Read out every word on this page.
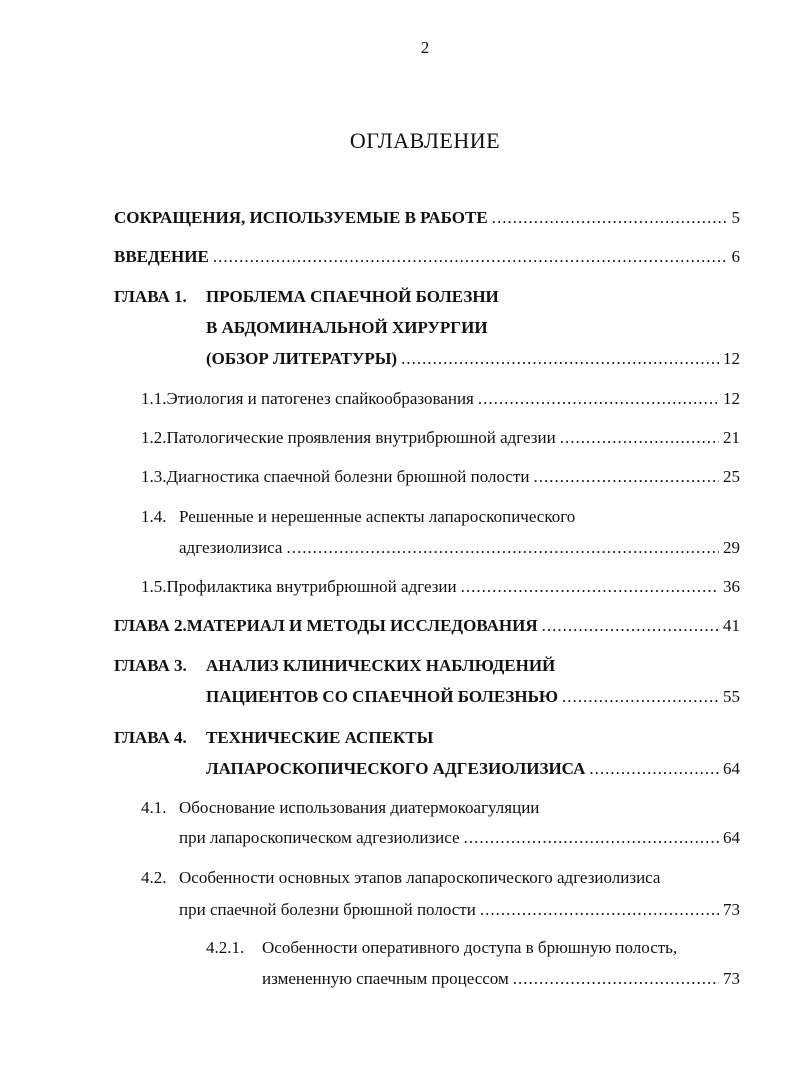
2
ОГЛАВЛЕНИЕ
СОКРАЩЕНИЯ, ИСПОЛЬЗУЕМЫЕ В РАБОТЕ .....	5
ВВЕДЕНИЕ .....	6
ГЛАВА 1.	ПРОБЛЕМА СПАЕЧНОЙ БОЛЕЗНИ
В АБДОМИНАЛЬНОЙ ХИРУРГИИ
(ОБЗОР ЛИТЕРАТУРЫ) .....	12
1.1. Этиология и патогенез спайкообразования .....	12
1.2. Патологические проявления внутрибрюшной адгезии .....	21
1.3. Диагностика спаечной болезни брюшной полости .....	25
1.4. Решенные и нерешенные аспекты лапароскопического
адгезиолизиса .....	29
1.5. Профилактика внутрибрюшной адгезии .....	36
ГЛАВА 2. МАТЕРИАЛ И МЕТОДЫ ИССЛЕДОВАНИЯ .....	41
ГЛАВА 3.	АНАЛИЗ КЛИНИЧЕСКИХ НАБЛЮДЕНИЙ
ПАЦИЕНТОВ СО СПАЕЧНОЙ БОЛЕЗНЬЮ .....	55
ГЛАВА 4.	ТЕХНИЧЕСКИЕ АСПЕКТЫ
ЛАПАРОСКОПИЧЕСКОГО АДГЕЗИОЛИЗИСА .....	64
4.1. Обоснование использования диатермокоагуляции
при лапароскопическом адгезиолизисе .....	64
4.2. Особенности основных этапов лапароскопического адгезиолизиса
при спаечной болезни брюшной полости .....	73
4.2.1.	Особенности оперативного доступа в брюшную полость,
измененную спаечным процессом .....	73
